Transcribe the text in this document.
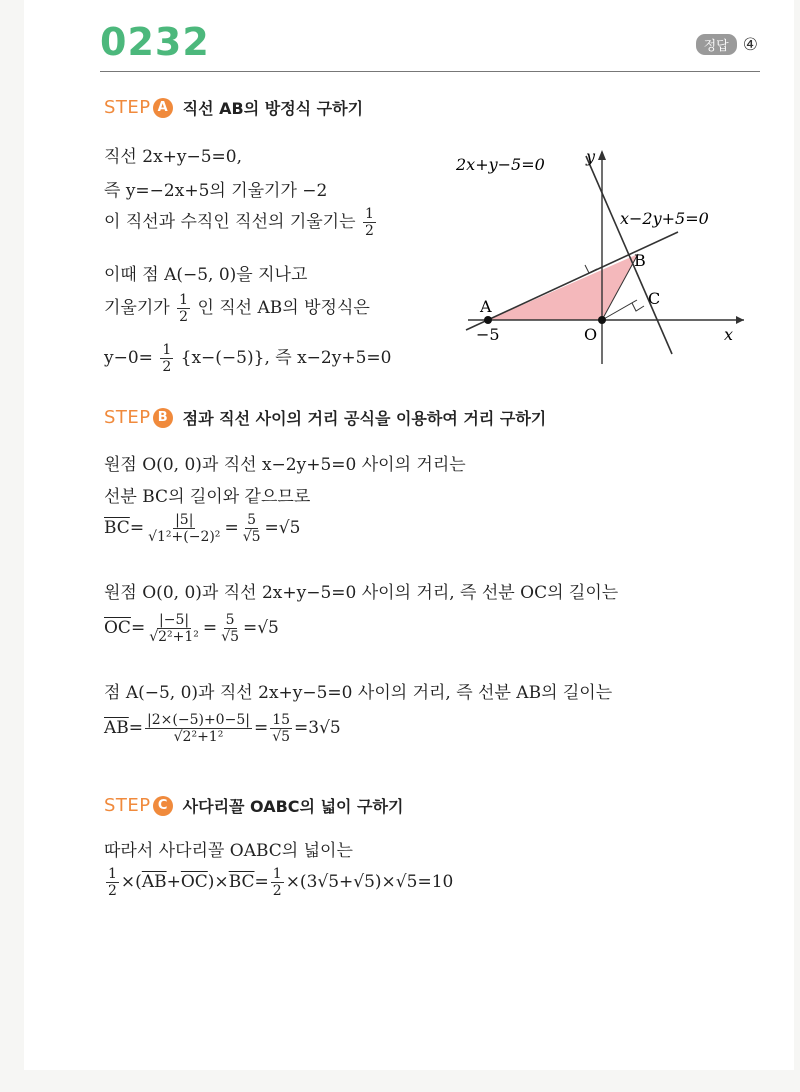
0232	정답 ④
STEP A 직선 AB의 방정식 구하기
직선 2x+y−5=0,
즉 y=−2x+5의 기울기가 −2
이 직선과 수직인 직선의 기울기는 $\frac{1}{2}$
이때 점 A(−5, 0)을 지나고
기울기가 $\frac{1}{2}$ 인 직선 AB의 방정식은
$y-0= \frac{1}{2} \{x-(-5)\}$, 즉 x−2y+5=0
2x+y−5=0
x−2y+5=0
y
x
A
B
C
O
−5
STEP B 점과 직선 사이의 거리 공식을 이용하여 거리 구하기
원점 O(0, 0)과 직선 x−2y+5=0 사이의 거리는
선분 BC의 길이와 같으므로
$\overline{BC}= \frac{|5|}{\text{√1²+(−2)²}} = \frac{5}{√5} =√5$
원점 O(0, 0)과 직선 2x+y−5=0 사이의 거리, 즉 선분 OC의 길이는
$\overline{OC}= \frac{|-5|}{\text{√2²+1²}} = \frac{5}{√5} =√5$
점 A(−5, 0)과 직선 2x+y−5=0 사이의 거리, 즉 선분 AB의 길이는
$\overline{AB}= \frac{|2\times(-5)+0-5|}{\text{√2²+1²}} = \frac{15}{√5} =3√5$
STEP C 사다리꼴 OABC의 넓이 구하기
따라서 사다리꼴 OABC의 넓이는
$\frac{1}{2} \times(\overline{AB}+\overline{OC})\times\overline{BC}= \frac{1}{2} \times(3√5+√5)\times√5=10$
